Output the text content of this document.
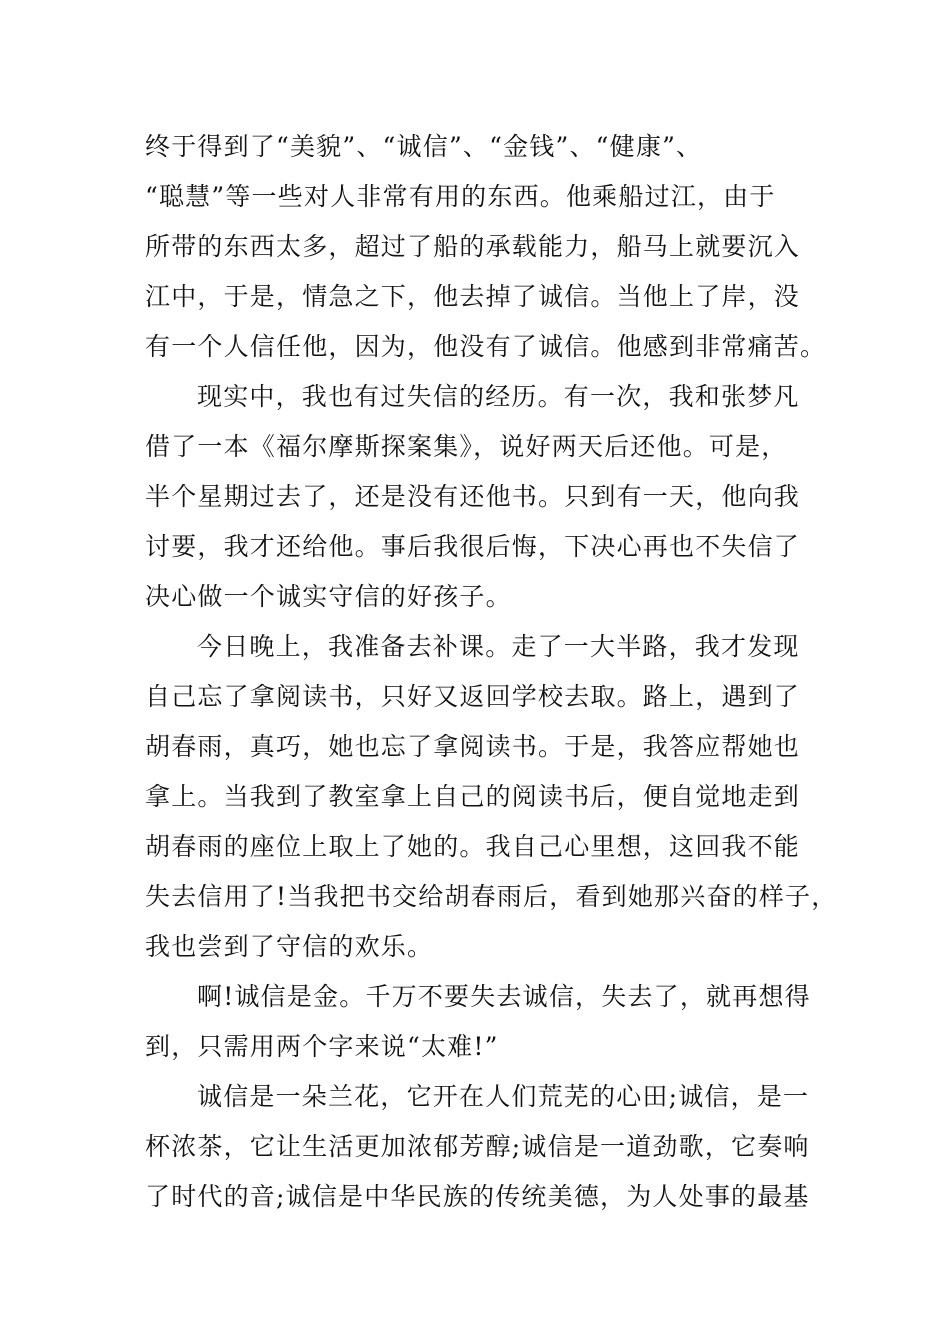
终于得到了“美貌”、“诚信”、“金钱”、“健康”、
“聪慧”等一些对人非常有用的东西。他乘船过江，由于
所带的东西太多，超过了船的承载能力，船马上就要沉入
江中，于是，情急之下，他去掉了诚信。当他上了岸，没
有一个人信任他，因为，他没有了诚信。他感到非常痛苦。
现实中，我也有过失信的经历。有一次，我和张梦凡
借了一本《福尔摩斯探案集》，说好两天后还他。可是，
半个星期过去了，还是没有还他书。只到有一天，他向我
讨要，我才还给他。事后我很后悔，下决心再也不失信了
决心做一个诚实守信的好孩子。
今日晚上，我准备去补课。走了一大半路，我才发现
自己忘了拿阅读书，只好又返回学校去取。路上，遇到了
胡春雨，真巧，她也忘了拿阅读书。于是，我答应帮她也
拿上。当我到了教室拿上自己的阅读书后，便自觉地走到
胡春雨的座位上取上了她的。我自己心里想，这回我不能
失去信用了!当我把书交给胡春雨后，看到她那兴奋的样子，
我也尝到了守信的欢乐。
啊!诚信是金。千万不要失去诚信，失去了，就再想得
到，只需用两个字来说“太难!”
诚信是一朵兰花，它开在人们荒芜的心田;诚信，是一
杯浓茶，它让生活更加浓郁芳醇;诚信是一道劲歌，它奏响
了时代的音;诚信是中华民族的传统美德，为人处事的最基
